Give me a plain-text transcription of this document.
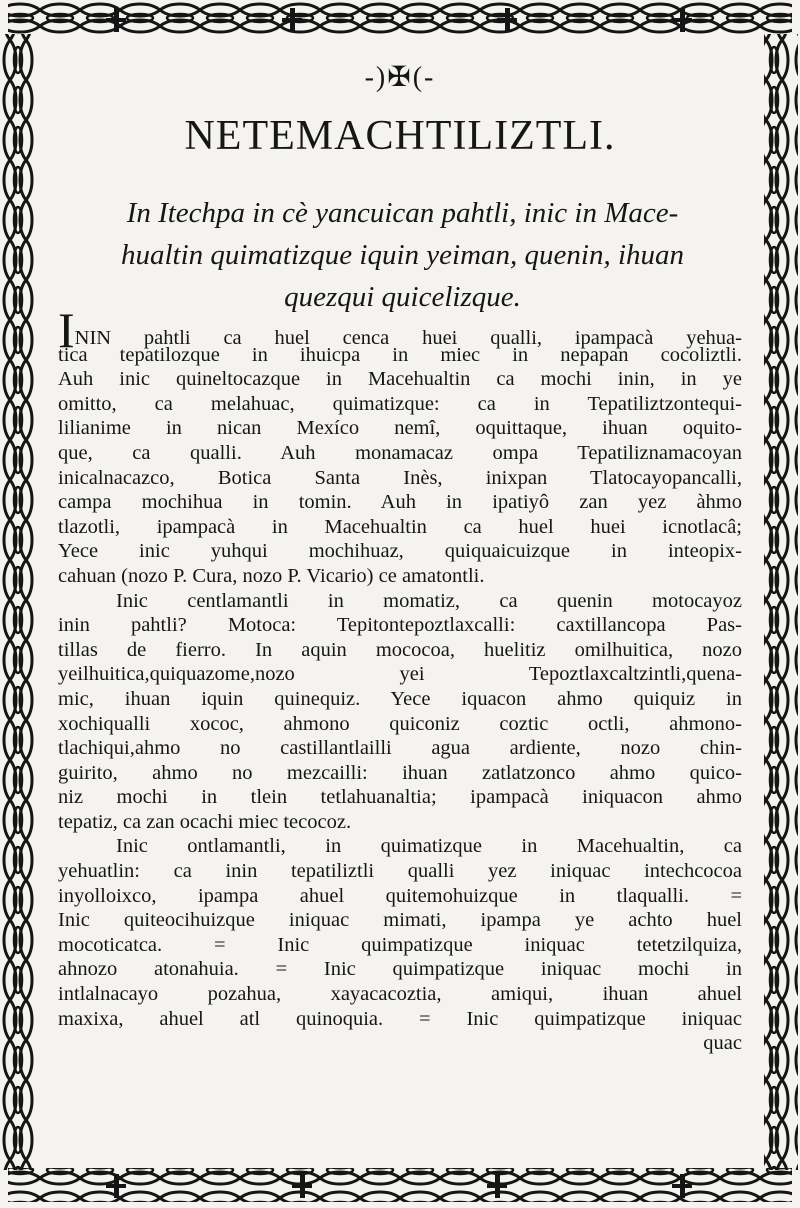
-)✠(-
NETEMACHTILIZTLI.
In Itechpa in cè yancuican pahtli, inic in Mace-
hualtin quimatizque iquin yeiman, quenin, ihuan
quezqui quicelizque.
ININ pahtli ca huel cenca huei qualli, ipampacà yehua-
tica tepatilozque in ihuicpa in miec in nepapan cocoliztli.
Auh inic quineltocazque in Macehualtin ca mochi inin, in ye
omitto, ca melahuac, quimatizque: ca in Tepatiliztzontequi-
lilianime in nican Mexíco nemî, oquittaque, ihuan oquito-
que, ca qualli. Auh monamacaz ompa Tepatiliznamacoyan
inicalnacazco, Botica Santa Inès, inixpan Tlatocayopancalli,
campa mochihua in tomin. Auh in ipatiyô zan yez àhmo
tlazotli, ipampacà in Macehualtin ca huel huei icnotlacâ;
Yece inic yuhqui mochihuaz, quiquaicuizque in inteopix-
cahuan (nozo P. Cura, nozo P. Vicario) ce amatontli.
Inic centlamantli in momatiz, ca quenin motocayoz
inin pahtli? Motoca: Tepitontepoztlaxcalli: caxtillancopa Pas-
tillas de fierro. In aquin mococoa, huelitiz omilhuitica, nozo
yeilhuitica,quiquazome,nozo yei Tepoztlaxcaltzintli,quena-
mic, ihuan iquin quinequiz. Yece iquacon ahmo quiquiz in
xochiqualli xococ, ahmono quiconiz coztic octli, ahmono-
tlachiqui,ahmo no castillantlailli agua ardiente, nozo chin-
guirito, ahmo no mezcailli: ihuan zatlatzonco ahmo quico-
niz mochi in tlein tetlahuanaltia; ipampacà iniquacon ahmo
tepatiz, ca zan ocachi miec tecocoz.
Inic ontlamantli, in quimatizque in Macehualtin, ca
yehuatlin: ca inin tepatiliztli qualli yez iniquac intechcocoa
inyolloixco, ipampa ahuel quitemohuizque in tlaqualli. =
Inic quiteocihuizque iniquac mimati, ipampa ye achto huel
mocoticatca. = Inic quimpatizque iniquac tetetzilquiza,
ahnozo atonahuia. = Inic quimpatizque iniquac mochi in
intlalnacayo pozahua, xayacacoztia, amiqui, ihuan ahuel
maxixa, ahuel atl quinoquia. = Inic quimpatizque iniquac
quac
